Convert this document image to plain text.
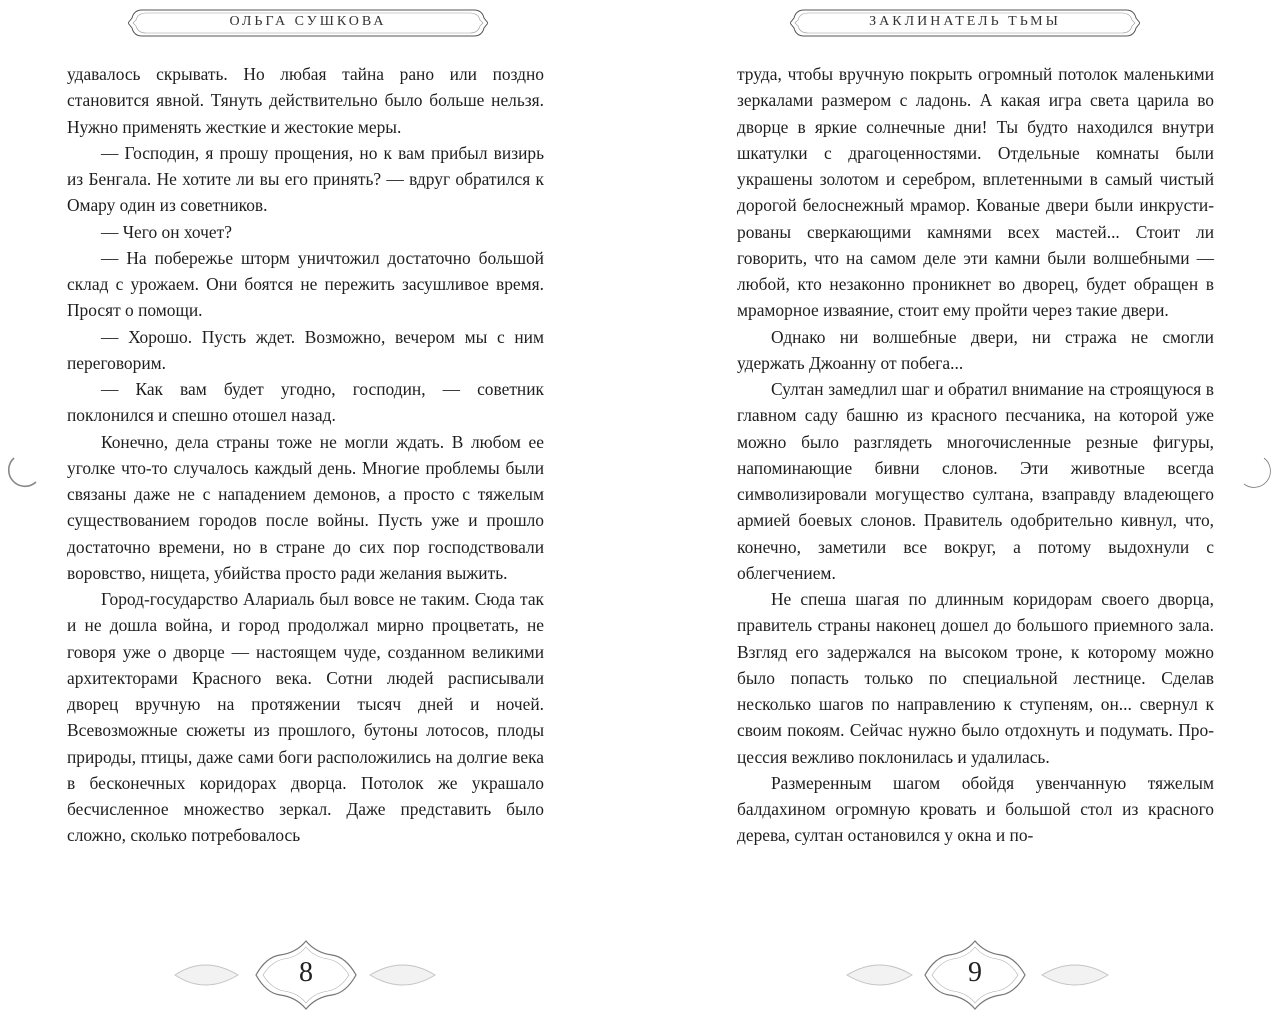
ОЛЬГА СУШКОВА

удавалось скрывать. Но любая тайна рано или поздно становится явной. Тянуть действительно было больше нельзя. Нужно применять жесткие и жестокие меры.

— Господин, я прошу прощения, но к вам прибыл визирь из Бенгала. Не хотите ли вы его принять? — вдруг обратился к Омару один из советников.

— Чего он хочет?

— На побережье шторм уничтожил достаточно большой склад с урожаем. Они боятся не пережить засушливое время. Просят о помощи.

— Хорошо. Пусть ждет. Возможно, вечером мы с ним переговорим.

— Как вам будет угодно, господин, — советник поклонился и спешно отошел назад.

Конечно, дела страны тоже не могли ждать. В любом ее уголке что-то случалось каждый день. Многие проблемы были связаны даже не с нападением демонов, а просто с тяжелым существованием городов после войны. Пусть уже и прошло достаточно времени, но в стране до сих пор господствовали воровство, нищета, убийства просто ради желания выжить.

Город-государство Алариаль был вовсе не таким. Сюда так и не дошла война, и город продолжал мирно процветать, не говоря уже о дворце — настоящем чуде, созданном великими архитекторами Красного века. Сотни людей расписывали дворец вручную на протяжении тысяч дней и ночей. Всевозможные сюжеты из прошлого, бутоны лотосов, плоды природы, птицы, даже сами боги расположились на долгие века в бесконечных коридорах дворца. Потолок же украшало бесчисленное множество зеркал. Даже представить было сложно, сколько потребовалось

8
ЗАКЛИНАТЕЛЬ ТЬМЫ

труда, чтобы вручную покрыть огромный потолок маленькими зеркалами размером с ладонь. А какая игра света царила во дворце в яркие солнечные дни! Ты будто находился внутри шкатулки с драгоценностями. Отдельные комнаты были украшены золотом и серебром, вплетенными в самый чистый дорогой белоснежный мрамор. Кованые двери были инкрустированы сверкающими камнями всех мастей... Стоит ли говорить, что на самом деле эти камни были волшебными — любой, кто незаконно проникнет во дворец, будет обращен в мраморное изваяние, стоит ему пройти через такие двери.

Однако ни волшебные двери, ни стража не смогли удержать Джоанну от побега...

Султан замедлил шаг и обратил внимание на строящуюся в главном саду башню из красного песчаника, на которой уже можно было разглядеть многочисленные резные фигуры, напоминающие бивни слонов. Эти животные всегда символизировали могущество султана, взаправду владеющего армией боевых слонов. Правитель одобрительно кивнул, что, конечно, заметили все вокруг, а потому выдохнули с облегчением.

Не спеша шагая по длинным коридорам своего дворца, правитель страны наконец дошел до большого приемного зала. Взгляд его задержался на высоком троне, к которому можно было попасть только по специальной лестнице. Сделав несколько шагов по направлению к ступеням, он... свернул к своим покоям. Сейчас нужно было отдохнуть и подумать. Процессия вежливо поклонилась и удалилась.

Размеренным шагом обойдя увенчанную тяжелым балдахином огромную кровать и большой стол из красного дерева, султан остановился у окна и по-

9
